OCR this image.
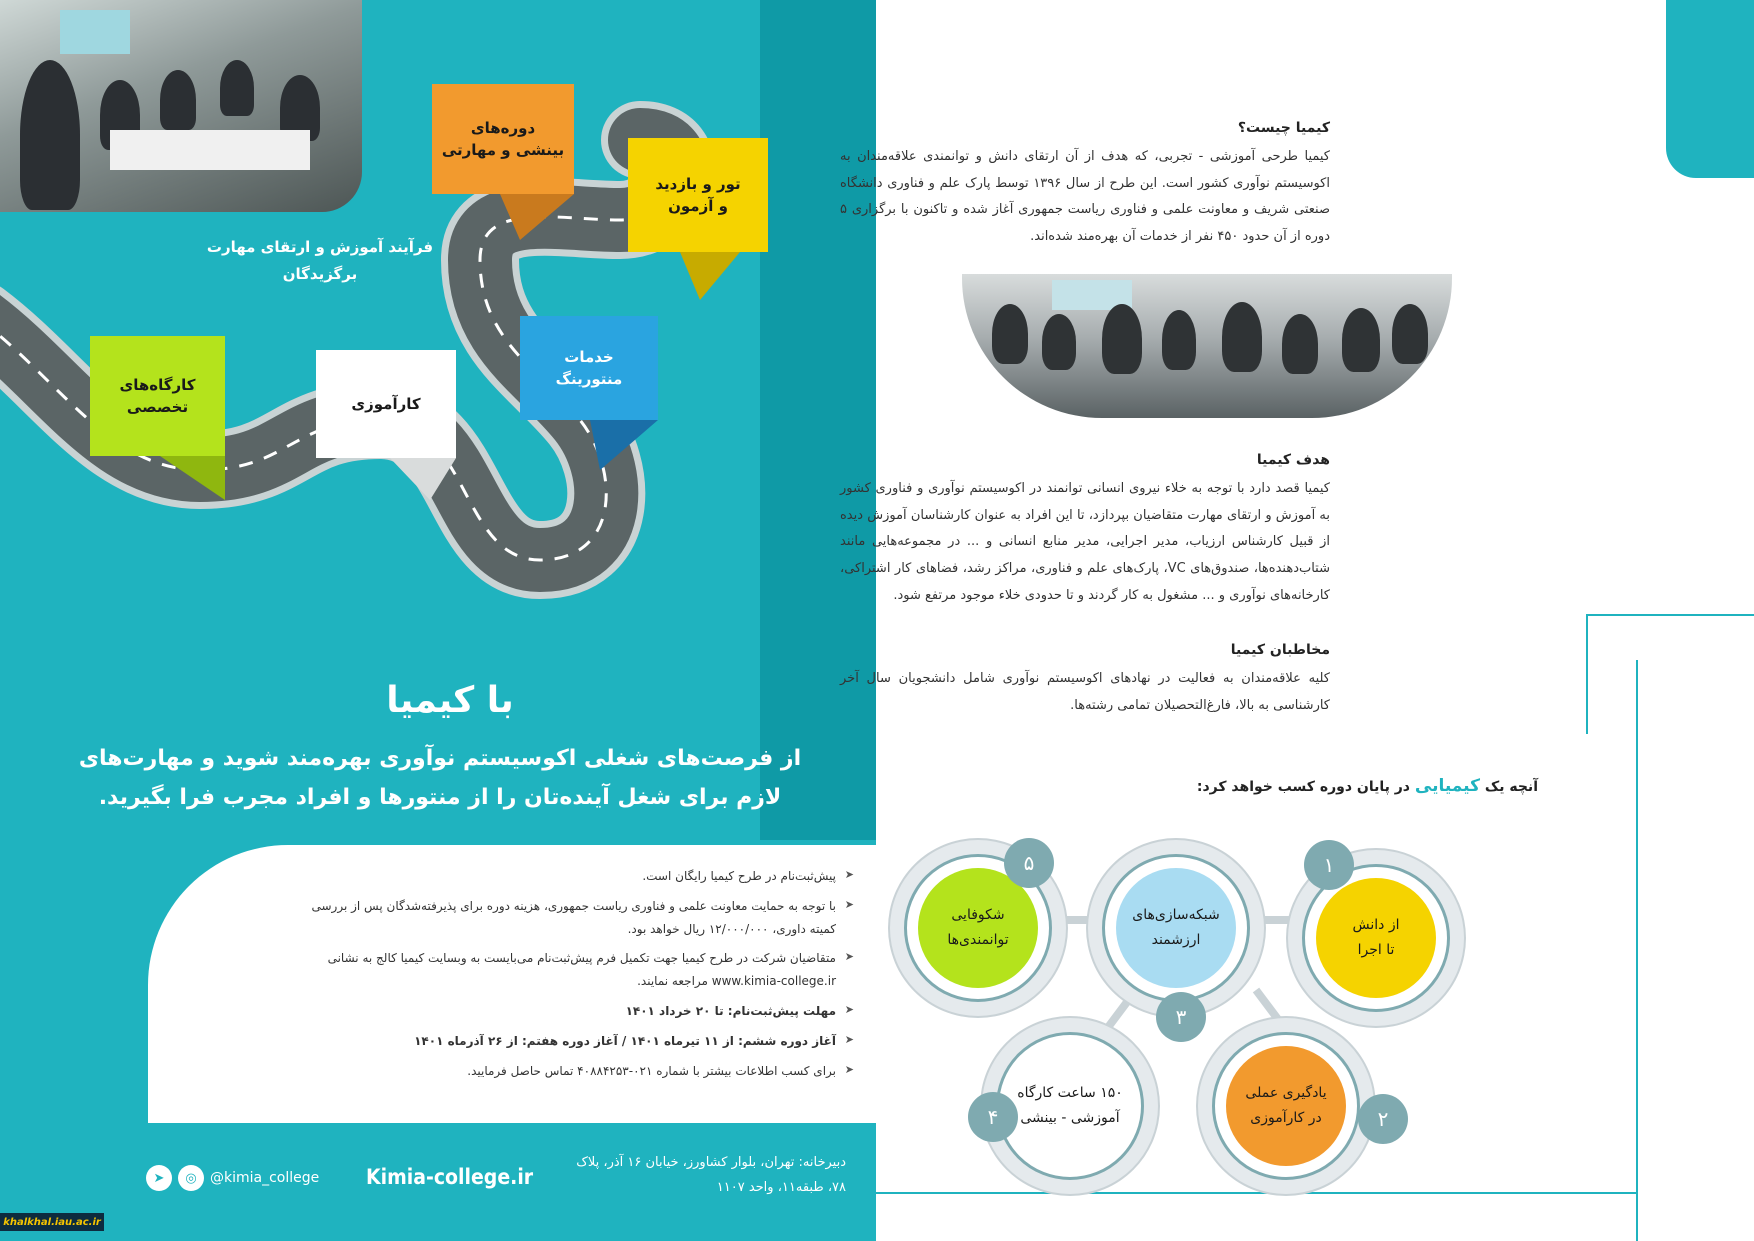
فرآیند آموزش و ارتقای مهارت برگزیدگان
کارگاه‌های
تخصصی	کارآموزی
خدمات
منتورینگ
دوره‌های
بینشی و مهارتی
تور و بازدید
و آزمون
با کیمیا
از فرصت‌های شغلی اکوسیستم نوآوری بهره‌مند شوید و مهارت‌های لازم برای شغل آینده‌تان را از منتورها و افراد مجرب فرا بگیرید.
➤ پیش‌ثبت‌نام در طرح کیمیا رایگان است.
➤ با توجه به حمایت معاونت علمی و فناوری ریاست جمهوری، هزینه دوره برای پذیرفته‌شدگان پس از بررسی کمیته داوری، ۱۲/۰۰۰/۰۰۰ ریال خواهد بود.
➤ متقاضیان شرکت در طرح کیمیا جهت تکمیل فرم پیش‌ثبت‌نام می‌بایست به وبسایت کیمیا کالج به نشانی www.kimia-college.ir مراجعه نمایند.
➤ مهلت پیش‌ثبت‌نام: تا ۲۰ خرداد ۱۴۰۱
➤ آغاز دوره ششم: از ۱۱ تیرماه ۱۴۰۱ / آغاز دوره هفتم: از ۲۶ آذرماه ۱۴۰۱
➤ برای کسب اطلاعات بیشتر با شماره ۰۲۱-۴۰۸۸۴۲۵۳ تماس حاصل فرمایید.
دبیرخانه: تهران، بلوار کشاورز، خیابان ۱۶ آذر، پلاک ۷۸، طبقه۱۱، واحد ۱۱۰۷
Kimia-college.ir
@kimia_college
➤	◎
khalkhal.iau.ac.ir
کیمیا چیست؟
کیمیا طرحی آموزشی - تجربی، که هدف از آن ارتقای دانش و توانمندی علاقه‌مندان به اکوسیستم نوآوری کشور است. این طرح از سال ۱۳۹۶ توسط پارک علم و فناوری دانشگاه صنعتی شریف و معاونت علمی و فناوری ریاست جمهوری آغاز شده و تاکنون با برگزاری ۵ دوره از آن حدود ۴۵۰ نفر از خدمات آن بهره‌مند شده‌اند.
هدف کیمیا
کیمیا قصد دارد با توجه به خلاء نیروی انسانی توانمند در اکوسیستم نوآوری و فناوری کشور به آموزش و ارتقای مهارت متقاضیان بپردازد، تا این افراد به عنوان کارشناسان آموزش دیده از قبیل کارشناس ارزیاب، مدیر اجرایی، مدیر منابع انسانی و ... در مجموعه‌هایی مانند شتاب‌دهنده‌ها، صندوق‌های VC، پارک‌های علم و فناوری، مراکز رشد، فضاهای کار اشتراکی، کارخانه‌های نوآوری و ... مشغول به کار گردند و تا حدودی خلاء موجود مرتفع شود.
مخاطبان کیمیا
کلیه علاقه‌مندان به فعالیت در نهادهای اکوسیستم نوآوری شامل دانشجویان سال آخر کارشناسی به بالا، فارغ‌التحصیلان تمامی رشته‌ها.
آنچه یک کیمیایی در پایان دوره کسب خواهد کرد:
از دانش
تا اجرا
۱
شبکه‌سازی‌های
ارزشمند
۳
شکوفایی
توانمندی‌ها
۵
یادگیری عملی
در کارآموزی	۲
۱۵۰ ساعت کارگاه
آموزشی - بینشی
۴
